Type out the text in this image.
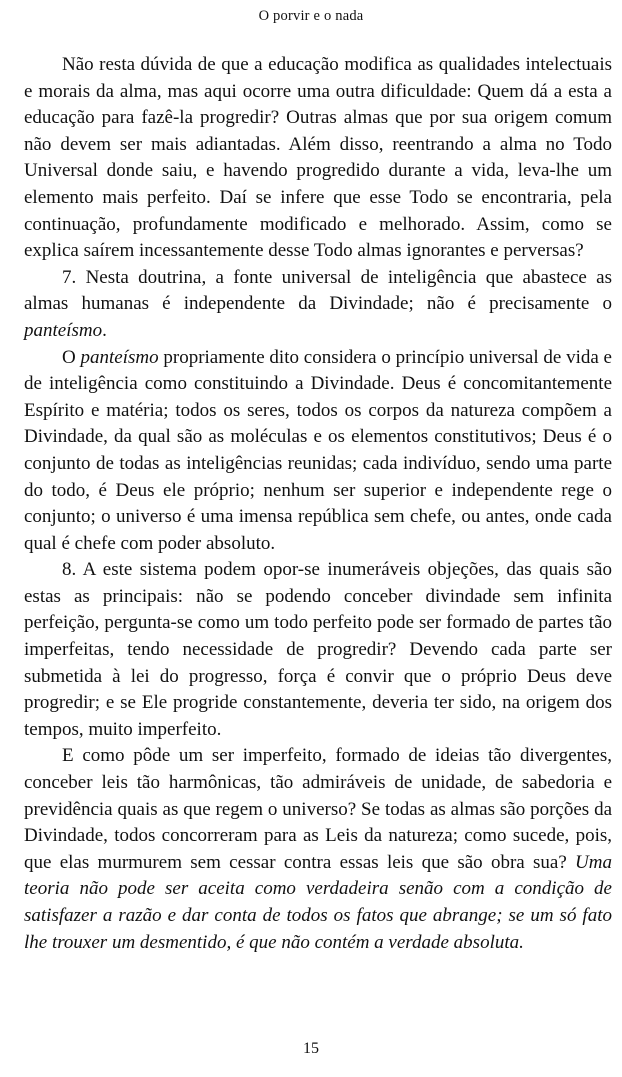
O porvir e o nada

Não resta dúvida de que a educação modifica as qualidades intelectuais e morais da alma, mas aqui ocorre uma outra dificuldade: Quem dá a esta a educação para fazê-la progredir? Outras almas que por sua origem comum não devem ser mais adiantadas. Além disso, reentrando a alma no Todo Universal donde saiu, e havendo progredido durante a vida, leva-lhe um elemento mais perfeito. Daí se infere que esse Todo se encontraria, pela continuação, profundamente modificado e melhorado. Assim, como se explica saírem incessantemente desse Todo almas ignorantes e perversas?

7. Nesta doutrina, a fonte universal de inteligência que abastece as almas humanas é independente da Divindade; não é precisamente o panteísmo.

O panteísmo propriamente dito considera o princípio universal de vida e de inteligência como constituindo a Divindade. Deus é concomitantemente Espírito e matéria; todos os seres, todos os corpos da natureza compõem a Divindade, da qual são as moléculas e os elementos constitutivos; Deus é o conjunto de todas as inteligências reunidas; cada indivíduo, sendo uma parte do todo, é Deus ele próprio; nenhum ser superior e independente rege o conjunto; o universo é uma imensa república sem chefe, ou antes, onde cada qual é chefe com poder absoluto.

8. A este sistema podem opor-se inumeráveis objeções, das quais são estas as principais: não se podendo conceber divindade sem infinita perfeição, pergunta-se como um todo perfeito pode ser formado de partes tão imperfeitas, tendo necessidade de progredir? Devendo cada parte ser submetida à lei do progresso, força é convir que o próprio Deus deve progredir; e se Ele progride constantemente, deveria ter sido, na origem dos tempos, muito imperfeito.

E como pôde um ser imperfeito, formado de ideias tão divergentes, conceber leis tão harmônicas, tão admiráveis de unidade, de sabedoria e previdência quais as que regem o universo? Se todas as almas são porções da Divindade, todos concorreram para as Leis da natureza; como sucede, pois, que elas murmurem sem cessar contra essas leis que são obra sua? Uma teoria não pode ser aceita como verdadeira senão com a condição de satisfazer a razão e dar conta de todos os fatos que abrange; se um só fato lhe trouxer um desmentido, é que não contém a verdade absoluta.

15
